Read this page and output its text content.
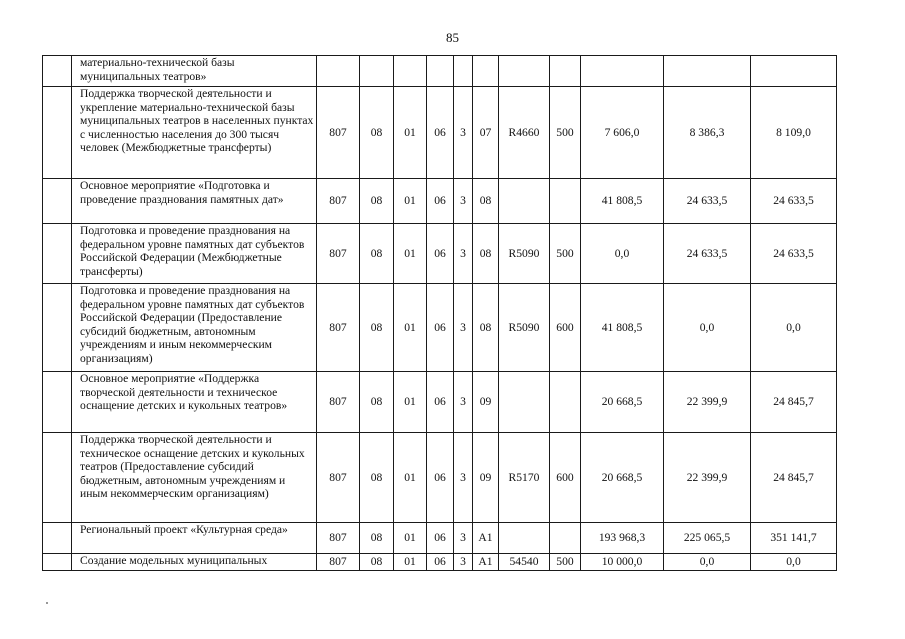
85
	материально-технической базы муниципальных театров»											
	Поддержка творческой деятельности и укрепление материально-технической базы муниципальных театров в населенных пунктах с численностью населения до 300 тысяч человек (Межбюджетные трансферты)	807	08	01	06	3	07	R4660	500	7 606,0	8 386,3	8 109,0
	Основное мероприятие «Подготовка и проведение празднования памятных дат»	807	08	01	06	3	08			41 808,5	24 633,5	24 633,5
	Подготовка и проведение празднования на федеральном уровне памятных дат субъектов Российской Федерации (Межбюджетные трансферты)	807	08	01	06	3	08	R5090	500	0,0	24 633,5	24 633,5
	Подготовка и проведение празднования на федеральном уровне памятных дат субъектов Российской Федерации (Предоставление субсидий бюджетным, автономным учреждениям и иным некоммерческим организациям)	807	08	01	06	3	08	R5090	600	41 808,5	0,0	0,0
	Основное мероприятие «Поддержка творческой деятельности и техническое оснащение детских и кукольных театров»	807	08	01	06	3	09			20 668,5	22 399,9	24 845,7
	Поддержка творческой деятельности и техническое оснащение детских и кукольных театров (Предоставление субсидий бюджетным, автономным учреждениям и иным некоммерческим организациям)	807	08	01	06	3	09	R5170	600	20 668,5	22 399,9	24 845,7
	Региональный проект «Культурная среда»	807	08	01	06	3	А1			193 968,3	225 065,5	351 141,7
	Создание модельных муниципальных	807	08	01	06	3	А1	54540	500	10 000,0	0,0	0,0
